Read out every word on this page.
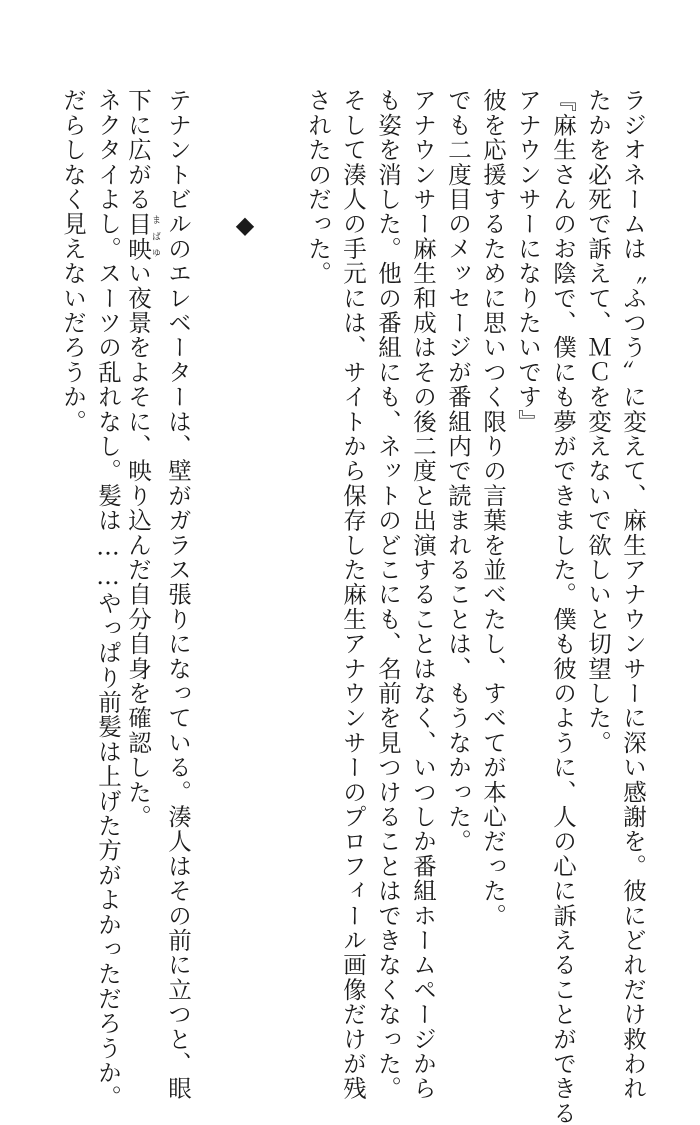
ラジオネームは〝ふつう〟に変えて、麻生アナウンサーに深い感謝を。彼にどれだけ救われ
たかを必死で訴えて、ＭＣを変えないで欲しいと切望した。
『麻生さんのお陰で、僕にも夢ができました。僕も彼のように、人の心に訴えることができる
アナウンサーになりたいです』
彼を応援するために思いつく限りの言葉を並べたし、すべてが本心だった。
でも二度目のメッセージが番組内で読まれることは、もうなかった。
アナウンサー麻生和成はその後二度と出演することはなく、いつしか番組ホームページから
も姿を消した。他の番組にも、ネットのどこにも、名前を見つけることはできなくなった。
そして湊人の手元には、サイトから保存した麻生アナウンサーのプロフィール画像だけが残
されたのだった。
◆
テナントビルのエレベーターは、壁がガラス張りになっている。湊人はその前に立つと、眼
下に広がる目映まばゆい夜景をよそに、映り込んだ自分自身を確認した。
ネクタイよし。スーツの乱れなし。髪は……やっぱり前髪は上げた方がよかっただろうか。
だらしなく見えないだろうか。
